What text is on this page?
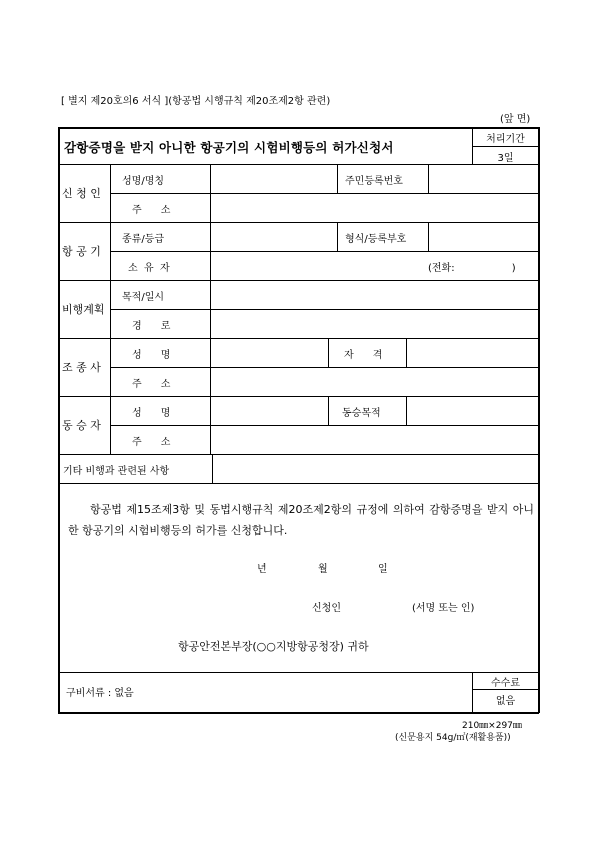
[ 별지 제20호의6 서식 ](항공법 시행규칙 제20조제2항 관련)
(앞 면)
감항증명을 받지 아니한 항공기의 시험비행등의 허가신청서
처리기간
3일
신 청 인
성명/명칭	주민등록번호
주      소
항 공 기
종류/등급	형식/등록부호
소  유  자	(전화:                  )
비행계획
목적/일시
경      로
조 종 사
성      명	자      격
주      소
동 승 자
성      명	동승목적
주      소
기타 비행과 관련된 사항
항공법 제15조제3항 및 동법시행규칙 제20조제2항의 규정에 의하여 감항증명을 받지 아니한 항공기의 시험비행등의 허가를 신청합니다.
년	월	일
신청인	(서명 또는 인)
항공안전본부장(○○지방항공청장) 귀하
구비서류 : 없음
수수료
없음
210㎜×297㎜
(신문용지 54g/㎡(재활용품))
